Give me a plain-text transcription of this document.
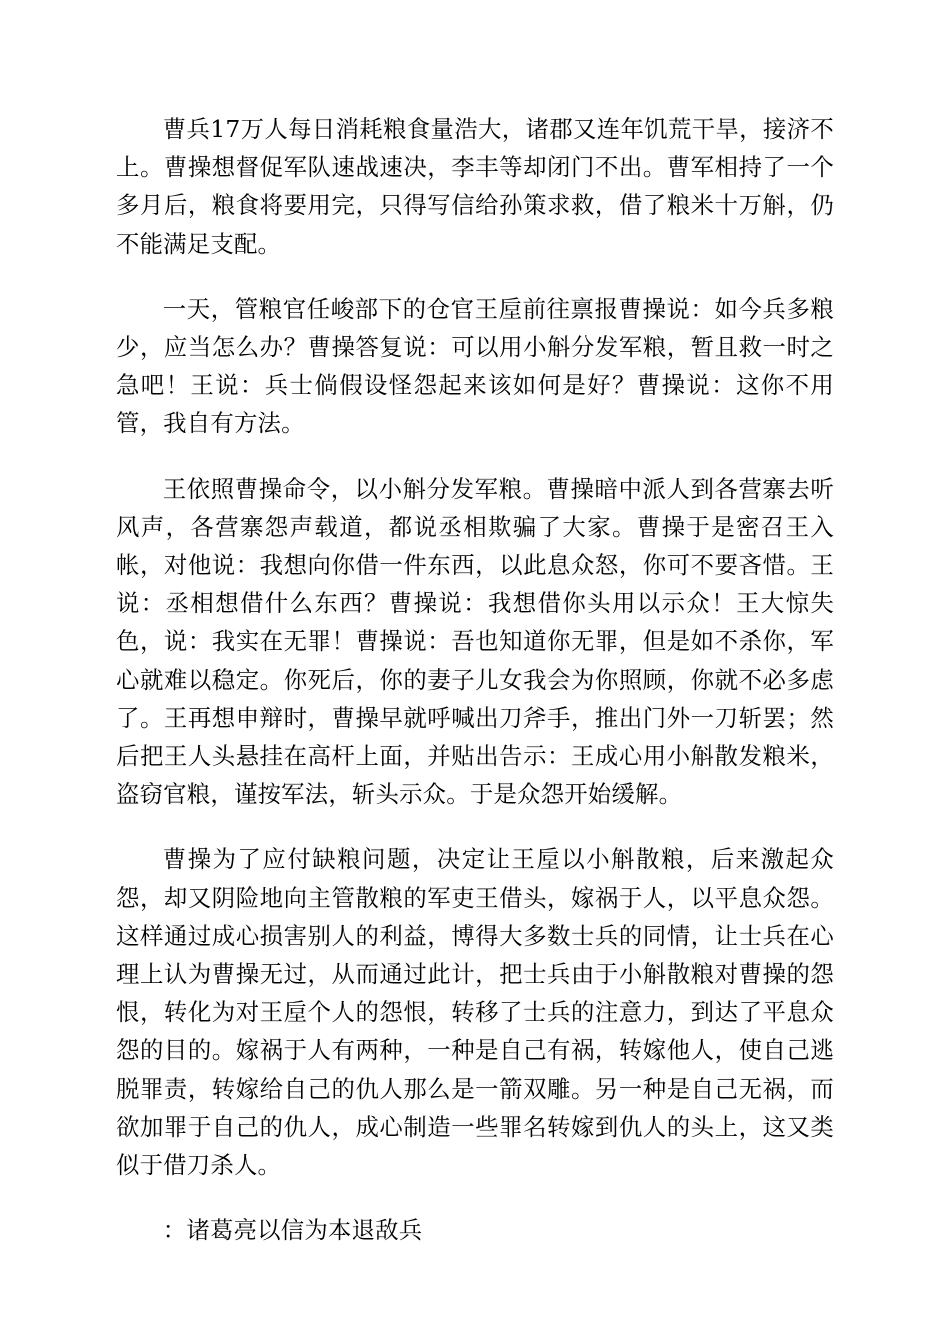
曹兵17万人每日消耗粮食量浩大，诸郡又连年饥荒干旱，接济不上。曹操想督促军队速战速决，李丰等却闭门不出。曹军相持了一个多月后，粮食将要用完，只得写信给孙策求救，借了粮米十万斛，仍不能满足支配。

一天，管粮官任峻部下的仓官王垕前往禀报曹操说：如今兵多粮少，应当怎么办？曹操答复说：可以用小斛分发军粮，暂且救一时之急吧！王说：兵士倘假设怪怨起来该如何是好？曹操说：这你不用管，我自有方法。

王依照曹操命令，以小斛分发军粮。曹操暗中派人到各营寨去听风声，各营寨怨声载道，都说丞相欺骗了大家。曹操于是密召王入帐，对他说：我想向你借一件东西，以此息众怒，你可不要吝惜。王说：丞相想借什么东西？曹操说：我想借你头用以示众！王大惊失色，说：我实在无罪！曹操说：吾也知道你无罪，但是如不杀你，军心就难以稳定。你死后，你的妻子儿女我会为你照顾，你就不必多虑了。王再想申辩时，曹操早就呼喊出刀斧手，推出门外一刀斩罢；然后把王人头悬挂在高杆上面，并贴出告示：王成心用小斛散发粮米，盗窃官粮，谨按军法，斩头示众。于是众怨开始缓解。

曹操为了应付缺粮问题，决定让王垕以小斛散粮，后来激起众怨，却又阴险地向主管散粮的军吏王借头，嫁祸于人，以平息众怨。这样通过成心损害别人的利益，博得大多数士兵的同情，让士兵在心理上认为曹操无过，从而通过此计，把士兵由于小斛散粮对曹操的怨恨，转化为对王垕个人的怨恨，转移了士兵的注意力，到达了平息众怨的目的。嫁祸于人有两种，一种是自己有祸，转嫁他人，使自己逃脱罪责，转嫁给自己的仇人那么是一箭双雕。另一种是自己无祸，而欲加罪于自己的仇人，成心制造一些罪名转嫁到仇人的头上，这又类似于借刀杀人。

：诸葛亮以信为本退敌兵
